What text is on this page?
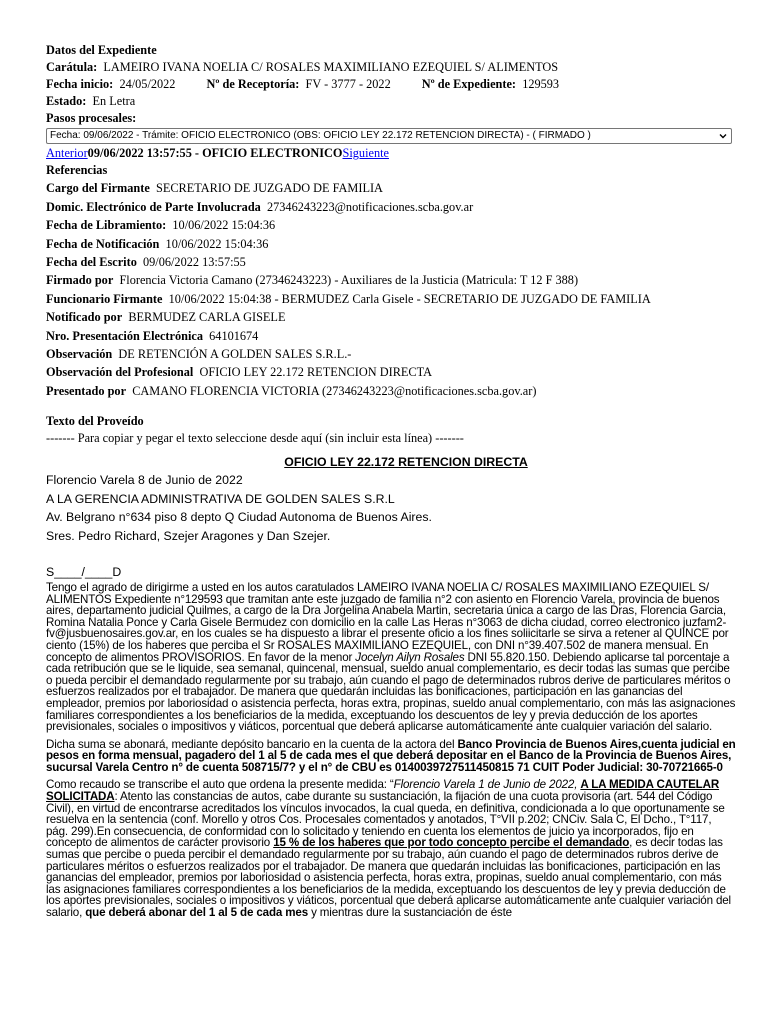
Datos del Expediente
Carátula: LAMEIRO IVANA NOELIA C/ ROSALES MAXIMILIANO EZEQUIEL S/ ALIMENTOS
Fecha inicio: 24/05/2022	Nº de Receptoría: FV - 3777 - 2022	Nº de Expediente: 129593
Estado: En Letra
Pasos procesales:
Fecha: 09/06/2022 - Trámite: OFICIO ELECTRONICO (OBS: OFICIO LEY 22.172 RETENCION DIRECTA) - ( FIRMADO )
Anterior09/06/2022 13:57:55 - OFICIO ELECTRONICOSiguiente
Referencias
Cargo del Firmante SECRETARIO DE JUZGADO DE FAMILIA
Domic. Electrónico de Parte Involucrada 27346243223@notificaciones.scba.gov.ar
Fecha de Libramiento: 10/06/2022 15:04:36
Fecha de Notificación 10/06/2022 15:04:36
Fecha del Escrito 09/06/2022 13:57:55
Firmado por Florencia Victoria Camano (27346243223) - Auxiliares de la Justicia (Matricula: T 12 F 388)
Funcionario Firmante 10/06/2022 15:04:38 - BERMUDEZ Carla Gisele - SECRETARIO DE JUZGADO DE FAMILIA
Notificado por BERMUDEZ CARLA GISELE
Nro. Presentación Electrónica 64101674
Observación DE RETENCIÓN A GOLDEN SALES S.R.L.-
Observación del Profesional OFICIO LEY 22.172 RETENCION DIRECTA
Presentado por CAMANO FLORENCIA VICTORIA (27346243223@notificaciones.scba.gov.ar)
Texto del Proveído
------- Para copiar y pegar el texto seleccione desde aquí (sin incluir esta línea) -------
OFICIO LEY 22.172 RETENCION DIRECTA
Florencio Varela 8 de Junio de 2022
A LA GERENCIA ADMINISTRATIVA DE GOLDEN SALES S.R.L
Av. Belgrano n°634 piso 8 depto Q Ciudad Autonoma de Buenos Aires.
Sres. Pedro Richard, Szejer Aragones y Dan Szejer.
S____/____D

Tengo el agrado de dirigirme a usted en los autos caratulados LAMEIRO IVANA NOELIA C/ ROSALES MAXIMILIANO EZEQUIEL S/ ALIMENTOS Expediente n°129593 que tramitan ante este juzgado de familia n°2 con asiento en Florencio Varela, provincia de buenos aires, departamento judicial Quilmes, a cargo de la Dra Jorgelina Anabela Martin, secretaria única a cargo de las Dras, Florencia Garcia, Romina Natalia Ponce y Carla Gisele Bermudez con domicilio en la calle Las Heras n°3063 de dicha ciudad, correo electronico juzfam2-fv@jusbuenosaires.gov.ar, en los cuales se ha dispuesto a librar el presente oficio a los fines soliicitarle se sirva a retener al QUINCE por ciento (15%) de los haberes que perciba el Sr ROSALES MAXIMILIANO EZEQUIEL, con DNI n°39.407.502 de manera mensual. En concepto de alimentos PROVISORIOS. En favor de la menor Jocelyn Ailyn Rosales DNI 55.820.150. Debiendo aplicarse tal porcentaje a cada retribución que se le liquide, sea semanal, quincenal, mensual, sueldo anual complementario, es decir todas las sumas que percibe o pueda percibir el demandado regularmente por su trabajo, aún cuando el pago de determinados rubros derive de particulares méritos o esfuerzos realizados por el trabajador. De manera que quedarán incluidas las bonificaciones, participación en las ganancias del empleador, premios por laboriosidad o asistencia perfecta, horas extra, propinas, sueldo anual complementario, con más las asignaciones familiares correspondientes a los beneficiarios de la medida, exceptuando los descuentos de ley y previa deducción de los aportes previsionales, sociales o impositivos y viáticos, porcentual que deberá aplicarse automáticamente ante cualquier variación del salario.

Dicha suma se abonará, mediante depósito bancario en la cuenta de la actora del Banco Provincia de Buenos Aires,cuenta judicial en pesos en forma mensual, pagadero del 1 al 5 de cada mes el que deberá depositar en el Banco de la Provincia de Buenos Aires, sucursal Varela Centro n° de cuenta 508715/7? y el n° de CBU es 0140039727511450815 71 CUIT Poder Judicial: 30-70721665-0

Como recaudo se transcribe el auto que ordena la presente medida: “Florencio Varela 1 de Junio de 2022, A LA MEDIDA CAUTELAR SOLICITADA: Atento las constancias de autos, cabe durante su sustanciación, la fijación de una cuota provisoria (art. 544 del Código Civil), en virtud de encontrarse acreditados los vínculos invocados, la cual queda, en definitiva, condicionada a lo que oportunamente se resuelva en la sentencia (conf. Morello y otros Cos. Procesales comentados y anotados, T°VII p.202; CNCiv. Sala C, El Dcho., T°117, pág. 299).En consecuencia, de conformidad con lo solicitado y teniendo en cuenta los elementos de juicio ya incorporados, fijo en concepto de alimentos de carácter provisorio 15 % de los haberes que por todo concepto percibe el demandado, es decir todas las sumas que percibe o pueda percibir el demandado regularmente por su trabajo, aún cuando el pago de determinados rubros derive de particulares méritos o esfuerzos realizados por el trabajador. De manera que quedarán incluidas las bonificaciones, participación en las ganancias del empleador, premios por laboriosidad o asistencia perfecta, horas extra, propinas, sueldo anual complementario, con más las asignaciones familiares correspondientes a los beneficiarios de la medida, exceptuando los descuentos de ley y previa deducción de los aportes previsionales, sociales o impositivos y viáticos, porcentual que deberá aplicarse automáticamente ante cualquier variación del salario, que deberá abonar del 1 al 5 de cada mes y mientras dure la sustanciación de éste
